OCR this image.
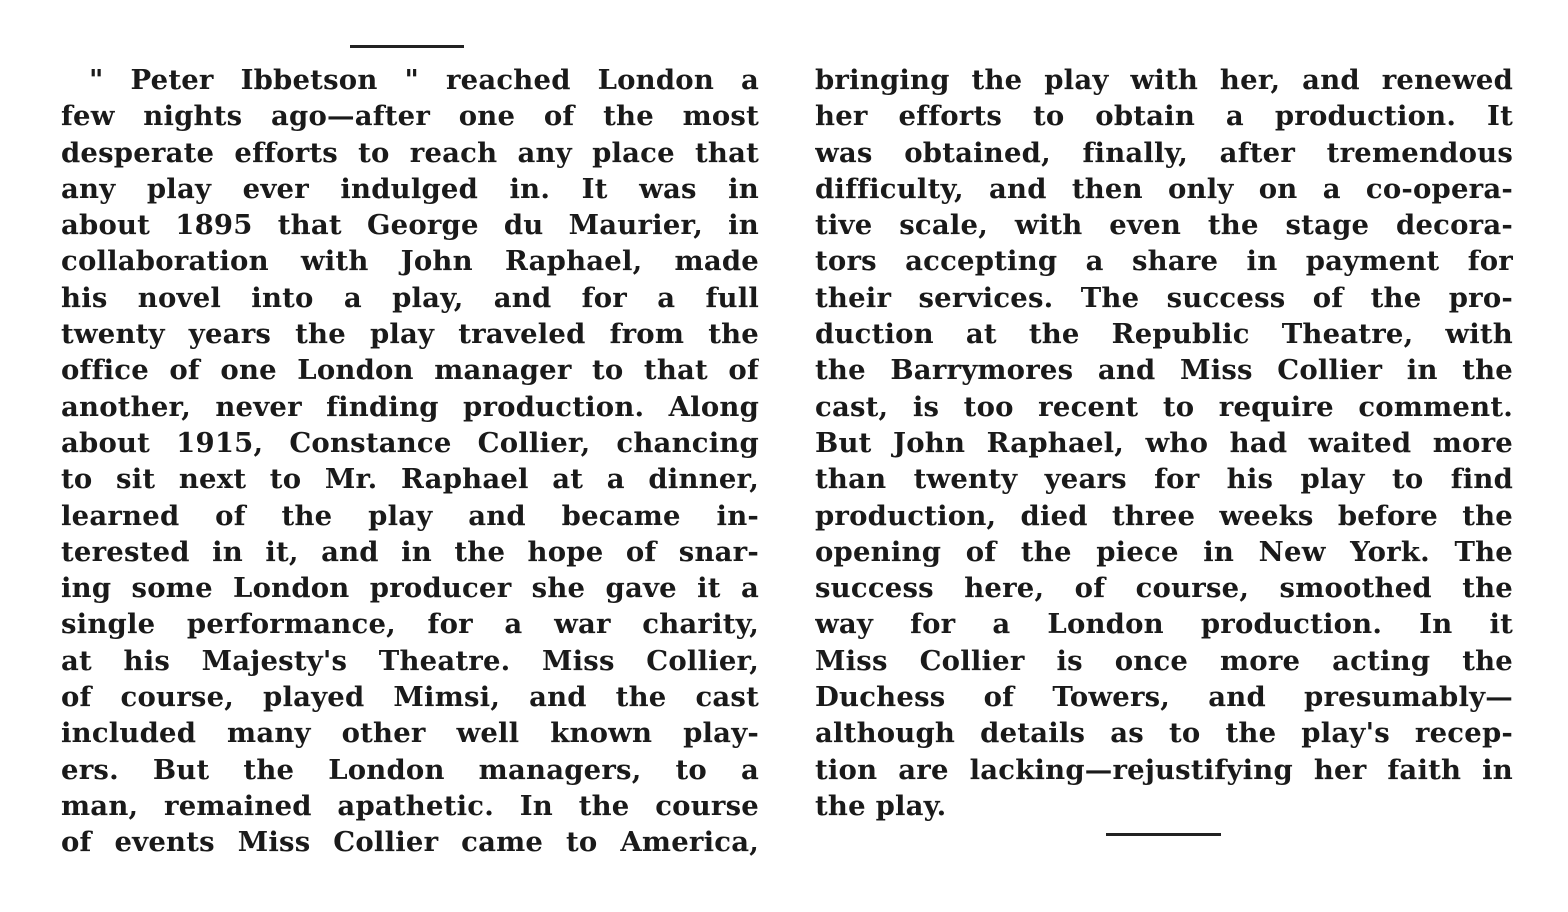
" Peter Ibbetson " reached London a
few nights ago—after one of the most
desperate efforts to reach any place that
any play ever indulged in. It was in
about 1895 that George du Maurier, in
collaboration with John Raphael, made
his novel into a play, and for a full
twenty years the play traveled from the
office of one London manager to that of
another, never finding production. Along
about 1915, Constance Collier, chancing
to sit next to Mr. Raphael at a dinner,
learned of the play and became in-
terested in it, and in the hope of snar-
ing some London producer she gave it a
single performance, for a war charity,
at his Majesty's Theatre. Miss Collier,
of course, played Mimsi, and the cast
included many other well known play-
ers. But the London managers, to a
man, remained apathetic. In the course
of events Miss Collier came to America,
bringing the play with her, and renewed
her efforts to obtain a production. It
was obtained, finally, after tremendous
difficulty, and then only on a co-opera-
tive scale, with even the stage decora-
tors accepting a share in payment for
their services. The success of the pro-
duction at the Republic Theatre, with
the Barrymores and Miss Collier in the
cast, is too recent to require comment.
But John Raphael, who had waited more
than twenty years for his play to find
production, died three weeks before the
opening of the piece in New York. The
success here, of course, smoothed the
way for a London production. In it
Miss Collier is once more acting the
Duchess of Towers, and presumably—
although details as to the play's recep-
tion are lacking—rejustifying her faith in
the play.
